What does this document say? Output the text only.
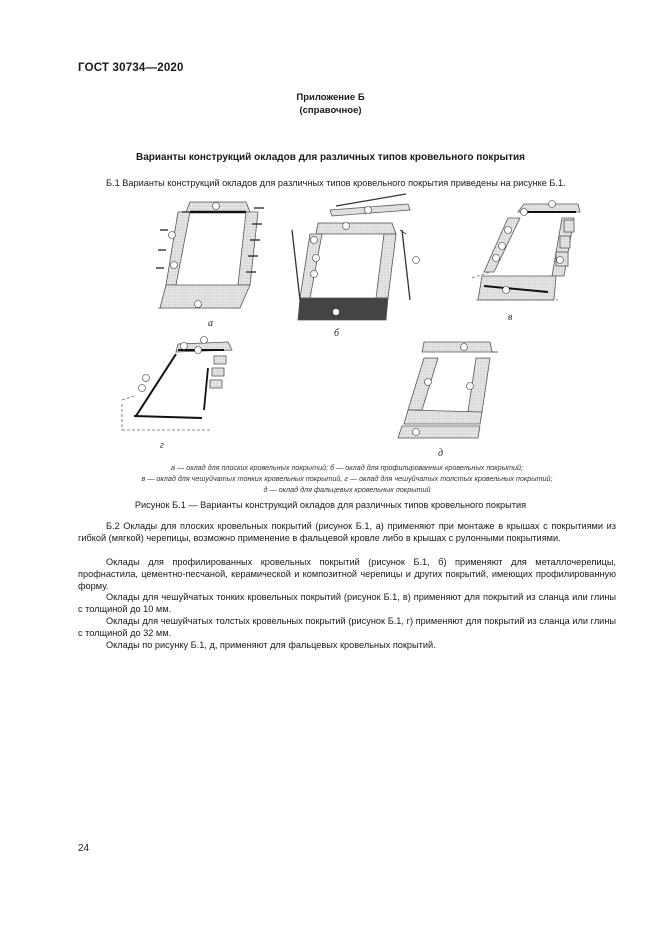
ГОСТ 30734—2020
Приложение Б
(справочное)
Варианты конструкций окладов для различных типов кровельного покрытия
Б.1 Варианты конструкций окладов для различных типов кровельного покрытия приведены на рисунке Б.1.
а
б
в
г
д
а — оклад для плоских кровельных покрытий; б — оклад для профилированных кровельных покрытий;
в — оклад для чешуйчатых тонких кровельных покрытий, г — оклад для чешуйчатых толстых кровельных покрытий;
д — оклад для фальцевых кровельных покрытий
Рисунок Б.1 — Варианты конструкций окладов для различных типов кровельного покрытия
Б.2 Оклады для плоских кровельных покрытий (рисунок Б.1, а) применяют при монтаже в крышах с покрытиями из гибкой (мягкой) черепицы, возможно применение в фальцевой кровле либо в крышах с рулонными покрытиями.
Оклады для профилированных кровельных покрытий (рисунок Б.1, б) применяют для металлочерепицы, профнастила, цементно-песчаной, керамической и композитной черепицы и других покрытий, имеющих профилированную форму.
Оклады для чешуйчатых тонких кровельных покрытий (рисунок Б.1, в) применяют для покрытий из сланца или глины с толщиной до 10 мм.
Оклады для чешуйчатых толстых кровельных покрытий (рисунок Б.1, г) применяют для покрытий из сланца или глины с толщиной до 32 мм.
Оклады по рисунку Б.1, д, применяют для фальцевых кровельных покрытий.
24
